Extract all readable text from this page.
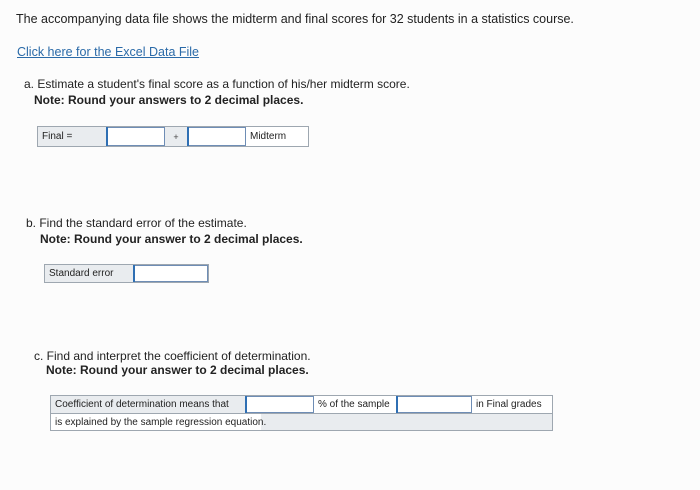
The accompanying data file shows the midterm and final scores for 32 students in a statistics course.
Click here for the Excel Data File
a. Estimate a student's final score as a function of his/her midterm score.
Note: Round your answers to 2 decimal places.
Final =	+	Midterm
b. Find the standard error of the estimate.
Note: Round your answer to 2 decimal places.
Standard error
c. Find and interpret the coefficient of determination.
Note: Round your answer to 2 decimal places.
Coefficient of determination means that	% of the sample	in Final grades
is explained by the sample regression equation.
